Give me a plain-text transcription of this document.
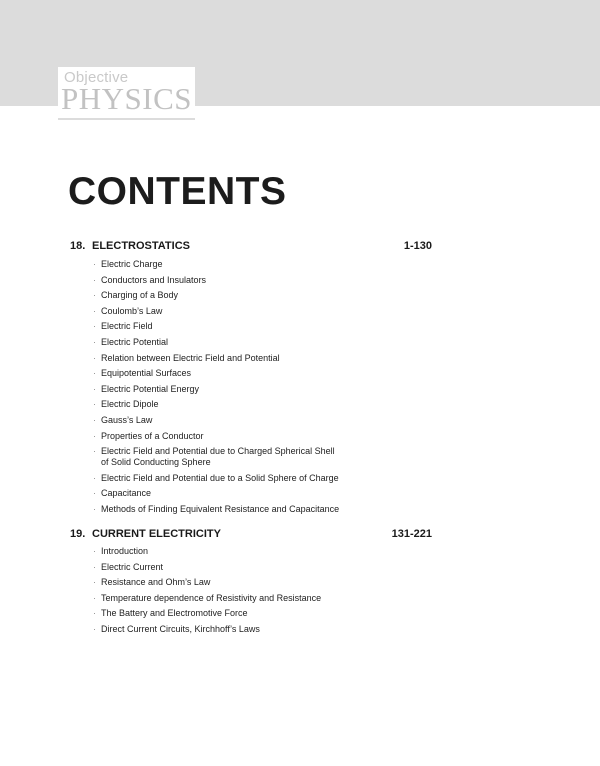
Objective
PHYSICS
CONTENTS
18. ELECTROSTATICS	1-130
· Electric Charge
· Conductors and Insulators
· Charging of a Body
· Coulomb’s Law
· Electric Field
· Electric Potential
· Relation between Electric Field and Potential
· Equipotential Surfaces
· Electric Potential Energy
· Electric Dipole
· Gauss’s Law
· Properties of a Conductor
· Electric Field and Potential due to Charged Spherical Shell
of Solid Conducting Sphere
· Electric Field and Potential due to a Solid Sphere of Charge
· Capacitance
· Methods of Finding Equivalent Resistance and Capacitance
19. CURRENT ELECTRICITY	131-221
· Introduction
· Electric Current
· Resistance and Ohm’s Law
· Temperature dependence of Resistivity and Resistance
· The Battery and Electromotive Force
· Direct Current Circuits, Kirchhoff’s Laws
